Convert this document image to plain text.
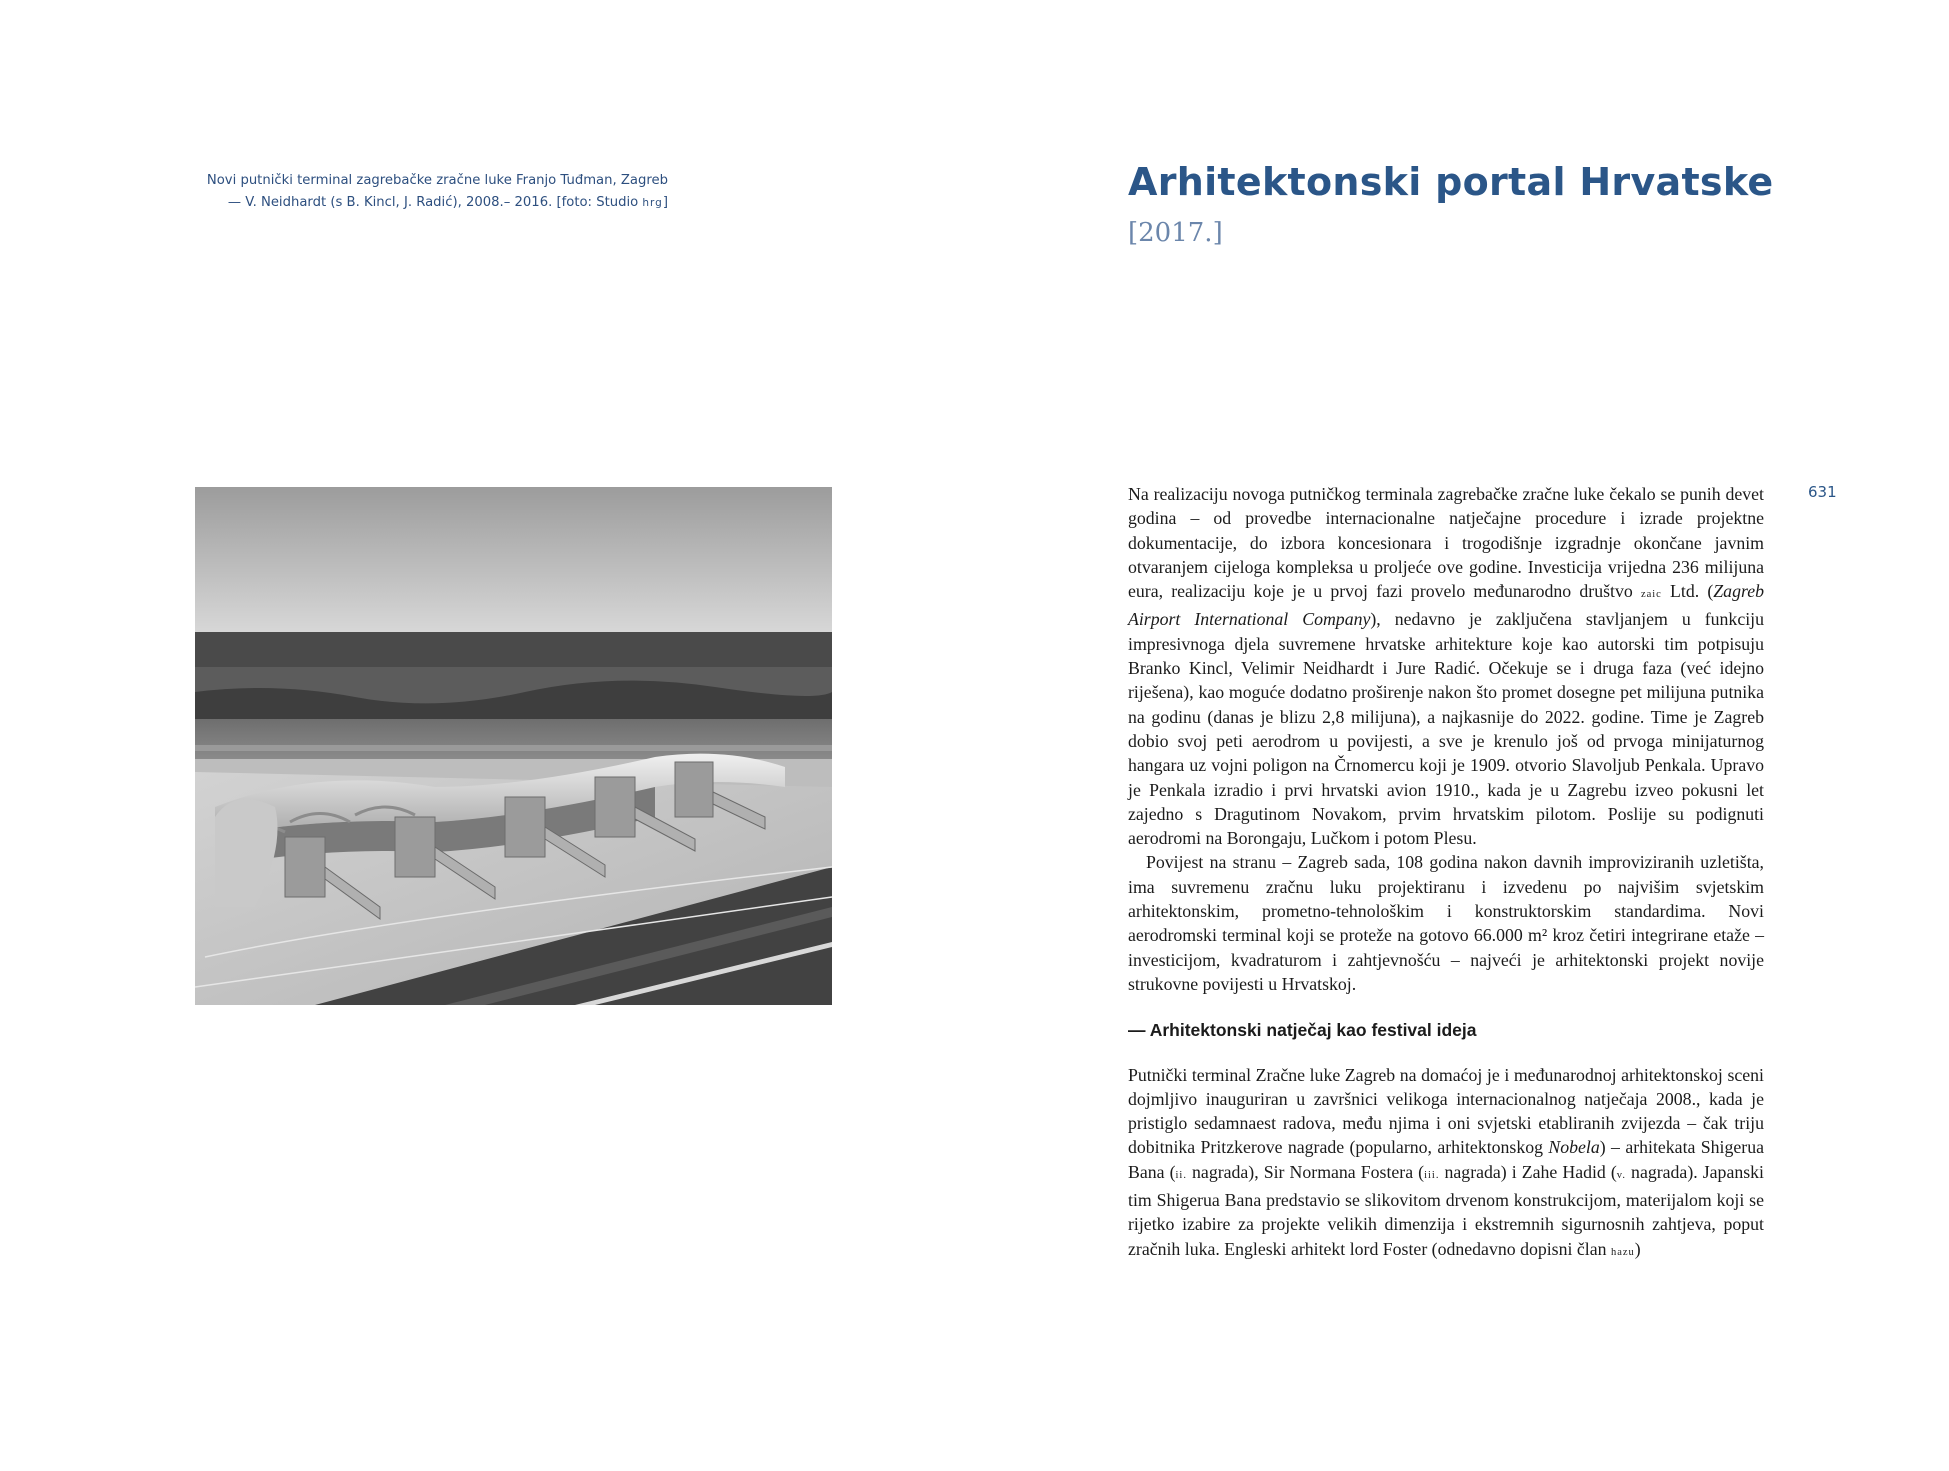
Novi putnički terminal zagrebačke zračne luke Franjo Tuđman, Zagreb
— V. Neidhardt (s B. Kincl, J. Radić), 2008.– 2016. [foto: Studio hrg]	Arhitektonski portal Hrvatske
[2017.]
631

Na realizaciju novoga putničkog terminala zagrebačke zračne luke čekalo se punih devet godina – od provedbe internacionalne natječajne procedure i izrade projektne dokumentacije, do izbora koncesionara i trogodišnje izgradnje okončane javnim otvaranjem cijeloga kompleksa u proljeće ove godine. Investicija vrijedna 236 milijuna eura, realizaciju koje je u prvoj fazi provelo međunarodno društvo zaic Ltd. (Zagreb Airport International Company), nedavno je zaključena stavljanjem u funkciju impresivnoga djela suvremene hrvatske arhitekture koje kao autorski tim potpisuju Branko Kincl, Velimir Neidhardt i Jure Radić. Očekuje se i druga faza (već idejno riješena), kao moguće dodatno proširenje nakon što promet dosegne pet milijuna putnika na godinu (danas je blizu 2,8 milijuna), a najkasnije do 2022. godine. Time je Zagreb dobio svoj peti aerodrom u povijesti, a sve je krenulo još od prvoga minijaturnog hangara uz vojni poligon na Črnomercu koji je 1909. otvorio Slavoljub Penkala. Upravo je Penkala izradio i prvi hrvatski avion 1910., kada je u Zagrebu izveo pokusni let zajedno s Dragutinom Novakom, prvim hrvatskim pilotom. Poslije su podignuti aerodromi na Borongaju, Lučkom i potom Plesu.

Povijest na stranu – Zagreb sada, 108 godina nakon davnih improviziranih uzletišta, ima suvremenu zračnu luku projektiranu i izvedenu po najvišim svjetskim arhitektonskim, prometno-tehnološkim i konstruktorskim standardima. Novi aerodromski terminal koji se proteže na gotovo 66.000 m² kroz četiri integrirane etaže – investicijom, kvadraturom i zahtjevnošću – najveći je arhitektonski projekt novije strukovne povijesti u Hrvatskoj.

— Arhitektonski natječaj kao festival ideja

Putnički terminal Zračne luke Zagreb na domaćoj je i međunarodnoj arhitektonskoj sceni dojmljivo inauguriran u završnici velikoga internacionalnog natječaja 2008., kada je pristiglo sedamnaest radova, među njima i oni svjetski etabliranih zvijezda – čak triju dobitnika Pritzkerove nagrade (popularno, arhitektonskog Nobela) – arhitekata Shigerua Bana (ii. nagrada), Sir Normana Fostera (iii. nagrada) i Zahe Hadid (v. nagrada). Japanski tim Shigerua Bana predstavio se slikovitom drvenom konstrukcijom, materijalom koji se rijetko izabire za projekte velikih dimenzija i ekstremnih sigurnosnih zahtjeva, poput zračnih luka. Engleski arhitekt lord Foster (odnedavno dopisni član hazu)
